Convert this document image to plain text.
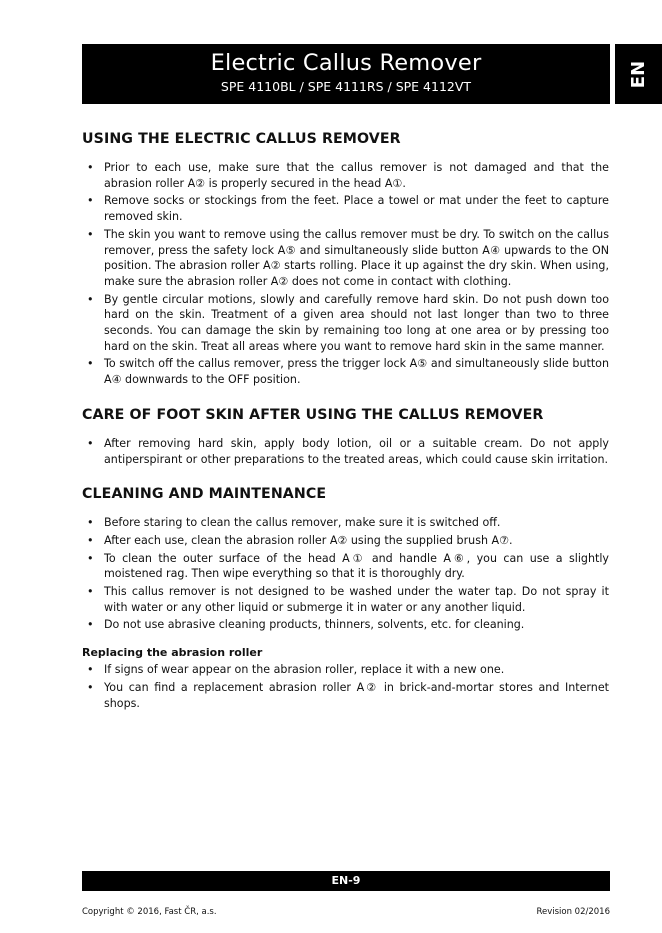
Electric Callus Remover
SPE 4110BL / SPE 4111RS / SPE 4112VT	EN
USING THE ELECTRIC CALLUS REMOVER
• Prior to each use, make sure that the callus remover is not damaged and that the abrasion roller A② is properly secured in the head A①.
• Remove socks or stockings from the feet. Place a towel or mat under the feet to capture removed skin.
• The skin you want to remove using the callus remover must be dry. To switch on the callus remover, press the safety lock A⑤ and simultaneously slide button A④ upwards to the ON position. The abrasion roller A② starts rolling. Place it up against the dry skin. When using, make sure the abrasion roller A② does not come in contact with clothing.
• By gentle circular motions, slowly and carefully remove hard skin. Do not push down too hard on the skin. Treatment of a given area should not last longer than two to three seconds. You can damage the skin by remaining too long at one area or by pressing too hard on the skin. Treat all areas where you want to remove hard skin in the same manner.
• To switch off the callus remover, press the trigger lock A⑤ and simultaneously slide button A④ downwards to the OFF position.
CARE OF FOOT SKIN AFTER USING THE CALLUS REMOVER
• After removing hard skin, apply body lotion, oil or a suitable cream. Do not apply antiperspirant or other preparations to the treated areas, which could cause skin irritation.
CLEANING AND MAINTENANCE
• Before staring to clean the callus remover, make sure it is switched off.
• After each use, clean the abrasion roller A② using the supplied brush A⑦.
• To clean the outer surface of the head A① and handle A⑥, you can use a slightly moistened rag. Then wipe everything so that it is thoroughly dry.
• This callus remover is not designed to be washed under the water tap. Do not spray it with water or any other liquid or submerge it in water or any another liquid.
• Do not use abrasive cleaning products, thinners, solvents, etc. for cleaning.
Replacing the abrasion roller
• If signs of wear appear on the abrasion roller, replace it with a new one.
• You can find a replacement abrasion roller A② in brick-and-mortar stores and Internet shops.
EN-9
Copyright © 2016, Fast ČR, a.s.	Revision 02/2016
